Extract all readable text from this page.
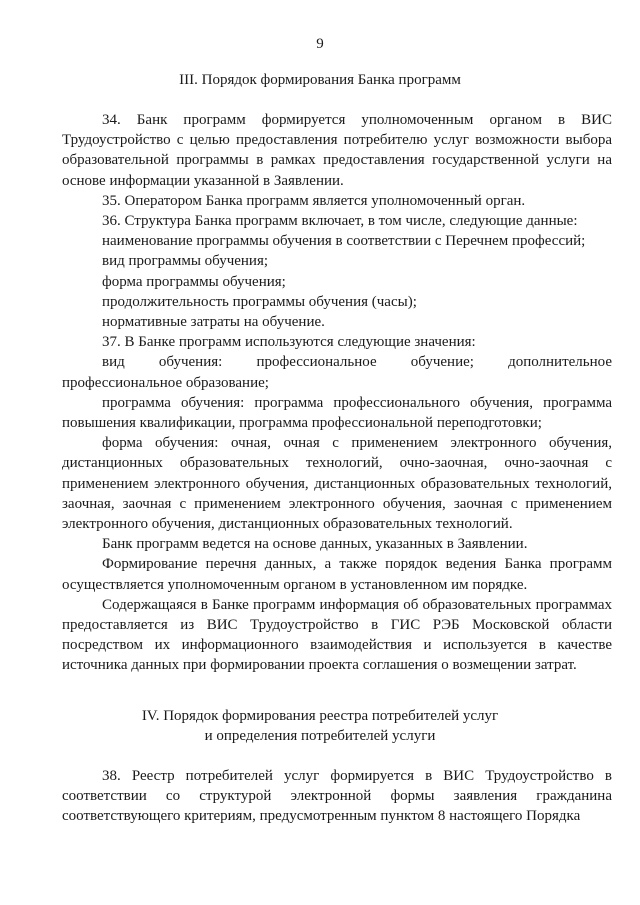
9
III. Порядок формирования Банка программ

34. Банк программ формируется уполномоченным органом в ВИС Трудоустройство с целью предоставления потребителю услуг возможности выбора образовательной программы в рамках предоставления государственной услуги на основе информации указанной в Заявлении.

35. Оператором Банка программ является уполномоченный орган.

36. Структура Банка программ включает, в том числе, следующие данные:

наименование программы обучения в соответствии с Перечнем профессий;

вид программы обучения;

форма программы обучения;

продолжительность программы обучения (часы);

нормативные затраты на обучение.

37. В Банке программ используются следующие значения:

вид обучения: профессиональное обучение; дополнительное профессиональное образование;

программа обучения: программа профессионального обучения, программа повышения квалификации, программа профессиональной переподготовки;

форма обучения: очная, очная с применением электронного обучения, дистанционных образовательных технологий, очно-заочная, очно-заочная с применением электронного обучения, дистанционных образовательных технологий, заочная, заочная с применением электронного обучения, заочная с применением электронного обучения, дистанционных образовательных технологий.

Банк программ ведется на основе данных, указанных в Заявлении.

Формирование перечня данных, а также порядок ведения Банка программ осуществляется уполномоченным органом в установленном им порядке.

Содержащаяся в Банке программ информация об образовательных программах предоставляется из ВИС Трудоустройство в ГИС РЭБ Московской области посредством их информационного взаимодействия и используется в качестве источника данных при формировании проекта соглашения о возмещении затрат.

IV. Порядок формирования реестра потребителей услуг
и определения потребителей услуги

38. Реестр потребителей услуг формируется в ВИС Трудоустройство в соответствии со структурой электронной формы заявления гражданина соответствующего критериям, предусмотренным пунктом 8 настоящего Порядка
